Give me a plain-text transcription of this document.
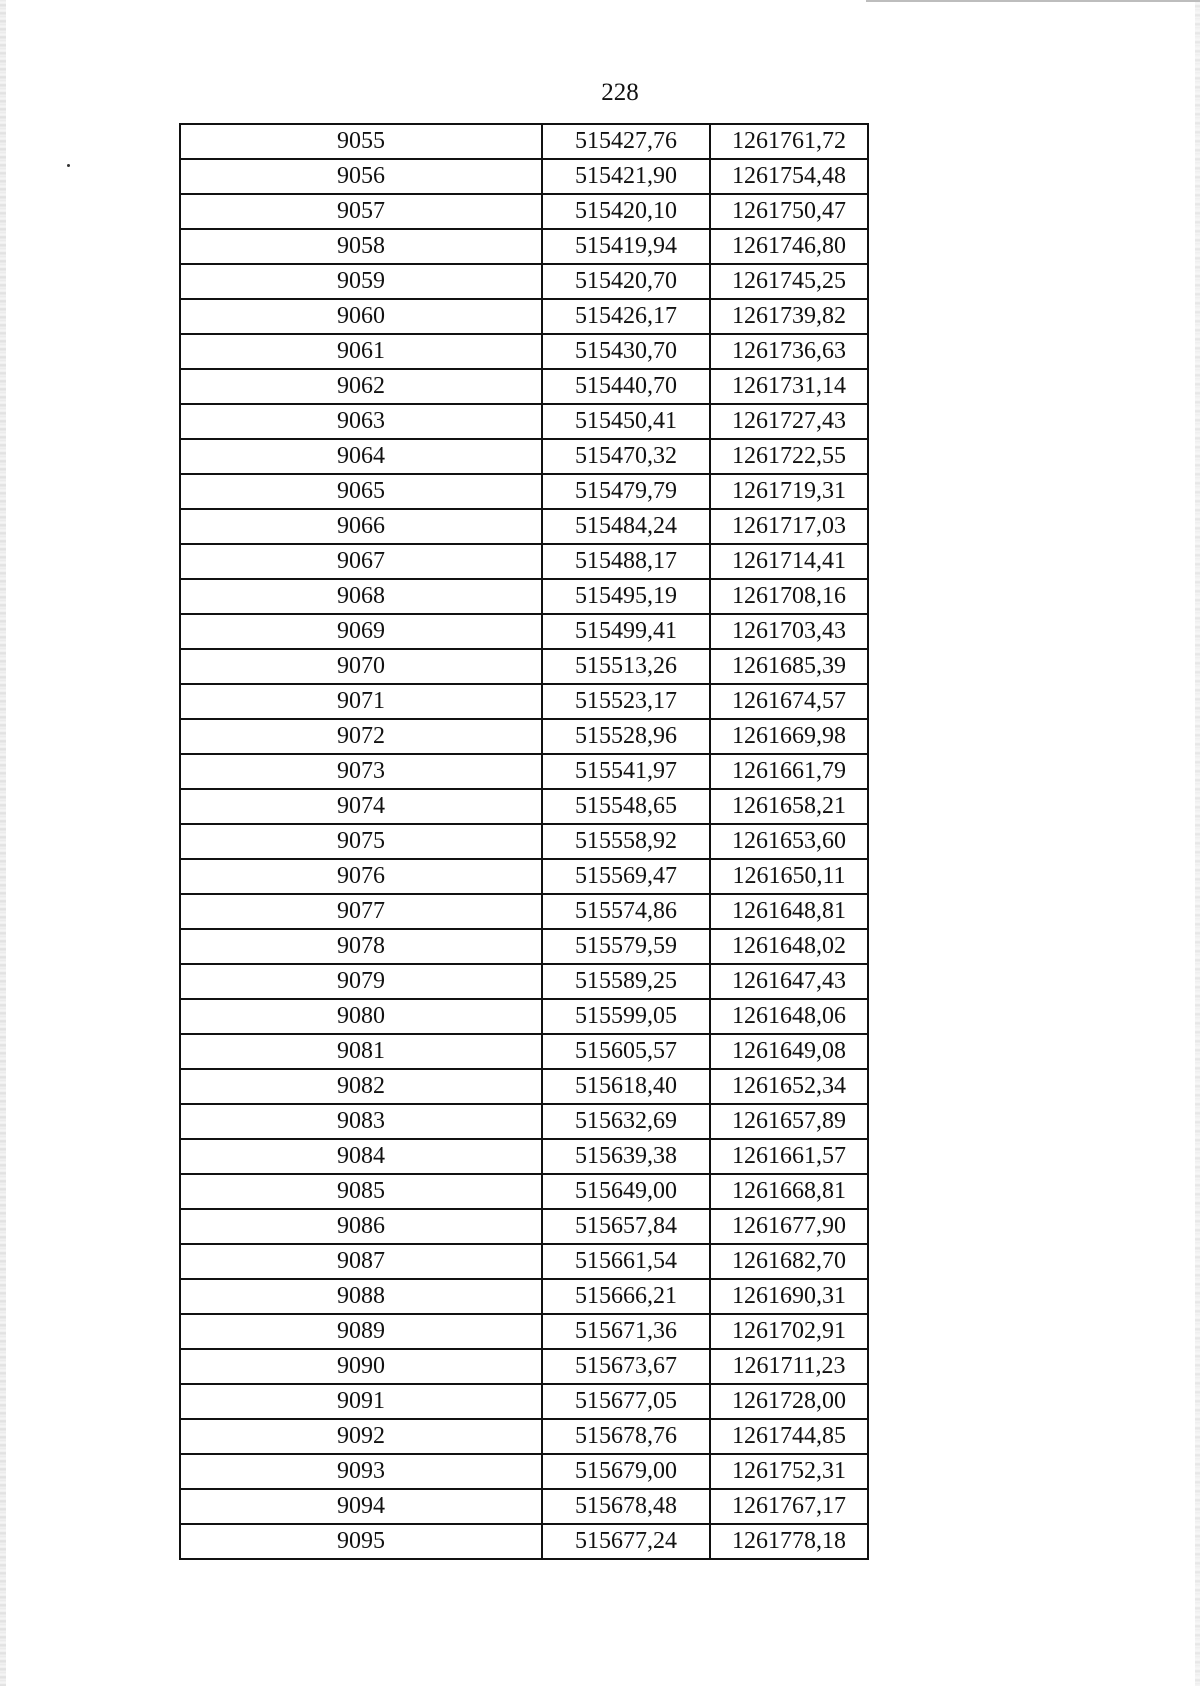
228
9055	515427,76	1261761,72
9056	515421,90	1261754,48
9057	515420,10	1261750,47
9058	515419,94	1261746,80
9059	515420,70	1261745,25
9060	515426,17	1261739,82
9061	515430,70	1261736,63
9062	515440,70	1261731,14
9063	515450,41	1261727,43
9064	515470,32	1261722,55
9065	515479,79	1261719,31
9066	515484,24	1261717,03
9067	515488,17	1261714,41
9068	515495,19	1261708,16
9069	515499,41	1261703,43
9070	515513,26	1261685,39
9071	515523,17	1261674,57
9072	515528,96	1261669,98
9073	515541,97	1261661,79
9074	515548,65	1261658,21
9075	515558,92	1261653,60
9076	515569,47	1261650,11
9077	515574,86	1261648,81
9078	515579,59	1261648,02
9079	515589,25	1261647,43
9080	515599,05	1261648,06
9081	515605,57	1261649,08
9082	515618,40	1261652,34
9083	515632,69	1261657,89
9084	515639,38	1261661,57
9085	515649,00	1261668,81
9086	515657,84	1261677,90
9087	515661,54	1261682,70
9088	515666,21	1261690,31
9089	515671,36	1261702,91
9090	515673,67	1261711,23
9091	515677,05	1261728,00
9092	515678,76	1261744,85
9093	515679,00	1261752,31
9094	515678,48	1261767,17
9095	515677,24	1261778,18
